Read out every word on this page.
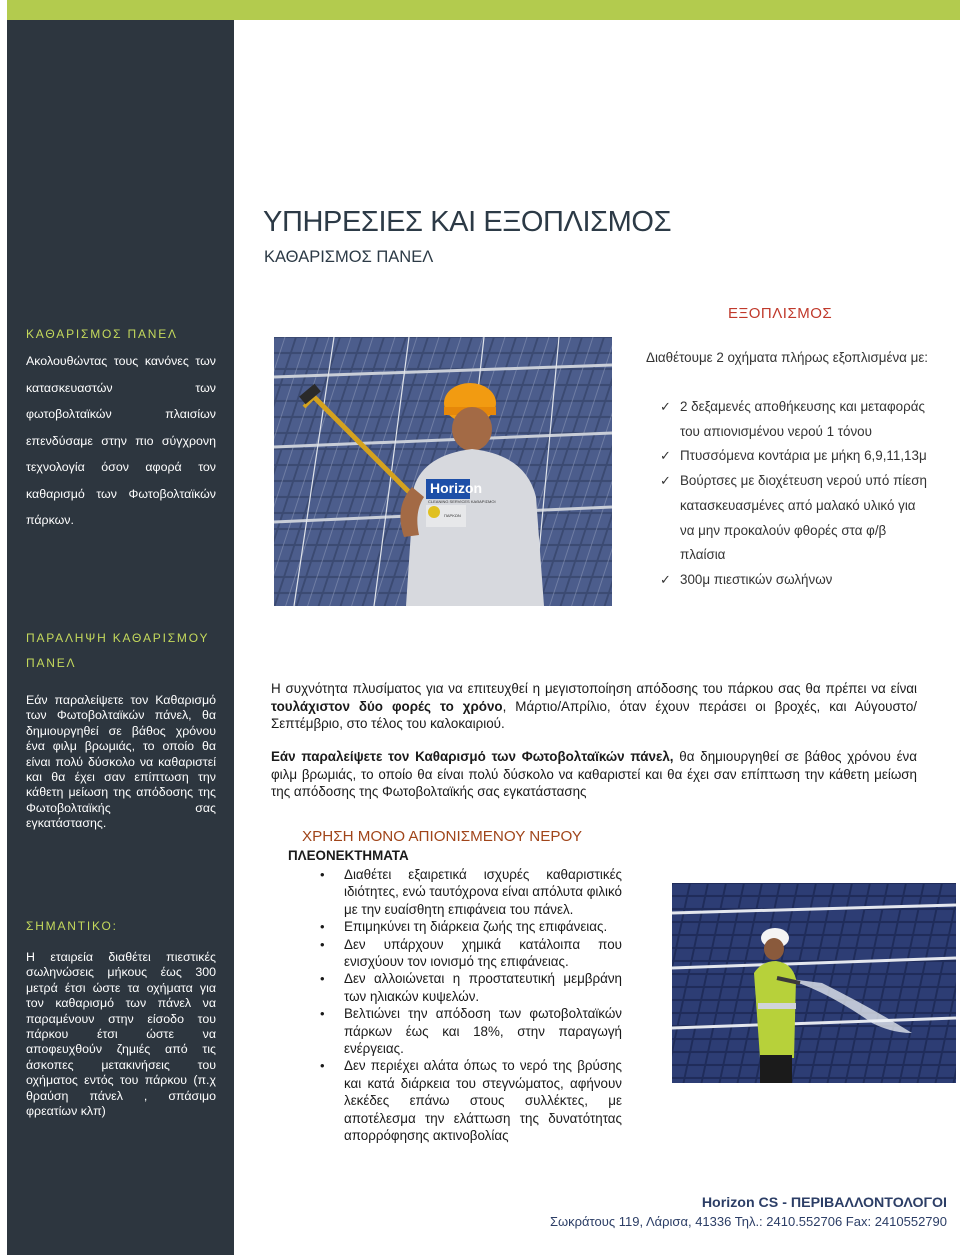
ΚΑΘΑΡΙΣΜΟΣ ΠΑΝΕΛ
Ακολουθώντας τους κανόνες των κατασκευαστών των φωτοβολταϊκών πλαισίων επενδύσαμε στην πιο σύγχρονη τεχνολογία όσον αφορά τον καθαρισμό των Φωτοβολταϊκών πάρκων.
ΠΑΡΑΛΗΨΗ ΚΑΘΑΡΙΣΜΟΥ ΠΑΝΕΛ
Εάν παραλείψετε τον Καθαρισμό των Φωτοβολταϊκών πάνελ, θα δημιουργηθεί σε βάθος χρόνου ένα φιλμ βρωμιάς, το οποίο θα είναι πολύ δύσκολο να καθαριστεί και θα έχει σαν επίπτωση την κάθετη μείωση της απόδοσης της Φωτοβολταϊκής σας εγκατάστασης.
ΣΗΜΑΝΤΙΚΟ:
Η εταιρεία διαθέτει πιεστικές σωληνώσεις μήκους έως 300 μετρά έτσι ώστε τα οχήματα για τον καθαρισμό των πάνελ να παραμένουν στην είσοδο του πάρκου έτσι ώστε να αποφευχθούν ζημιές από τις άσκοπες μετακινήσεις του οχήματος εντός του πάρκου (π.χ θραύση πάνελ , σπάσιμο φρεατίων κλπ)
ΥΠΗΡΕΣΙΕΣ ΚΑΙ ΕΞΟΠΛΙΣΜΟΣ
ΚΑΘΑΡΙΣΜΟΣ ΠΑΝΕΛ
Horizon
CLEANING SERVICES ΚΑΘΑΡΙΣΜΟΙ
ΠΑΡΚΩΝ
ΕΞΟΠΛΙΣΜΟΣ
Διαθέτουμε 2 οχήματα πλήρως εξοπλισμένα με:
✓ 2 δεξαμενές αποθήκευσης και μεταφοράς του απιονισμένου νερού 1 τόνου
✓ Πτυσσόμενα κοντάρια με μήκη 6,9,11,13μ
✓ Βούρτσες με διοχέτευση νερού υπό πίεση κατασκευασμένες από μαλακό υλικό για να μην προκαλούν φθορές στα φ/β πλαίσια
✓ 300μ πιεστικών σωλήνων
Η συχνότητα πλυσίματος για να επιτευχθεί η μεγιστοποίηση απόδοσης του πάρκου σας θα πρέπει να είναι τουλάχιστον δύο φορές το χρόνο, Μάρτιο/Απρίλιο, όταν έχουν περάσει οι βροχές, και Αύγουστο/Σεπτέμβριο, στο τέλος του καλοκαιριού.
Εάν παραλείψετε τον Καθαρισμό των Φωτοβολταϊκών πάνελ, θα δημιουργηθεί σε βάθος χρόνου ένα φιλμ βρωμιάς, το οποίο θα είναι πολύ δύσκολο να καθαριστεί και θα έχει σαν επίπτωση την κάθετη μείωση της απόδοσης της Φωτοβολταϊκής σας εγκατάστασης
ΧΡΗΣΗ ΜΟΝΟ ΑΠΙΟΝΙΣΜΕΝΟΥ ΝΕΡΟΥ
ΠΛΕΟΝΕΚΤΗΜΑΤΑ
• Διαθέτει εξαιρετικά ισχυρές καθαριστικές ιδιότητες, ενώ ταυτόχρονα είναι απόλυτα φιλικό με την ευαίσθητη επιφάνεια του πάνελ.
• Επιμηκύνει τη διάρκεια ζωής της επιφάνειας.
• Δεν υπάρχουν χημικά κατάλοιπα που ενισχύουν τον ιονισμό της επιφάνειας.
• Δεν αλλοιώνεται η προστατευτική μεμβράνη των ηλιακών κυψελών.
• Βελτιώνει την απόδοση των φωτοβολταϊκών πάρκων έως και 18%, στην παραγωγή ενέργειας.
• Δεν περιέχει αλάτα όπως το νερό της βρύσης και κατά διάρκεια του στεγνώματος, αφήνουν λεκέδες επάνω στους συλλέκτες, με αποτέλεσμα την ελάττωση της δυνατότητας απορρόφησης ακτινοβολίας
Horizon CS - ΠΕΡΙΒΑΛΛΟΝΤΟΛΟΓΟΙ
Σωκράτους 119, Λάρισα, 41336 Τηλ.: 2410.552706 Fax: 2410552790
